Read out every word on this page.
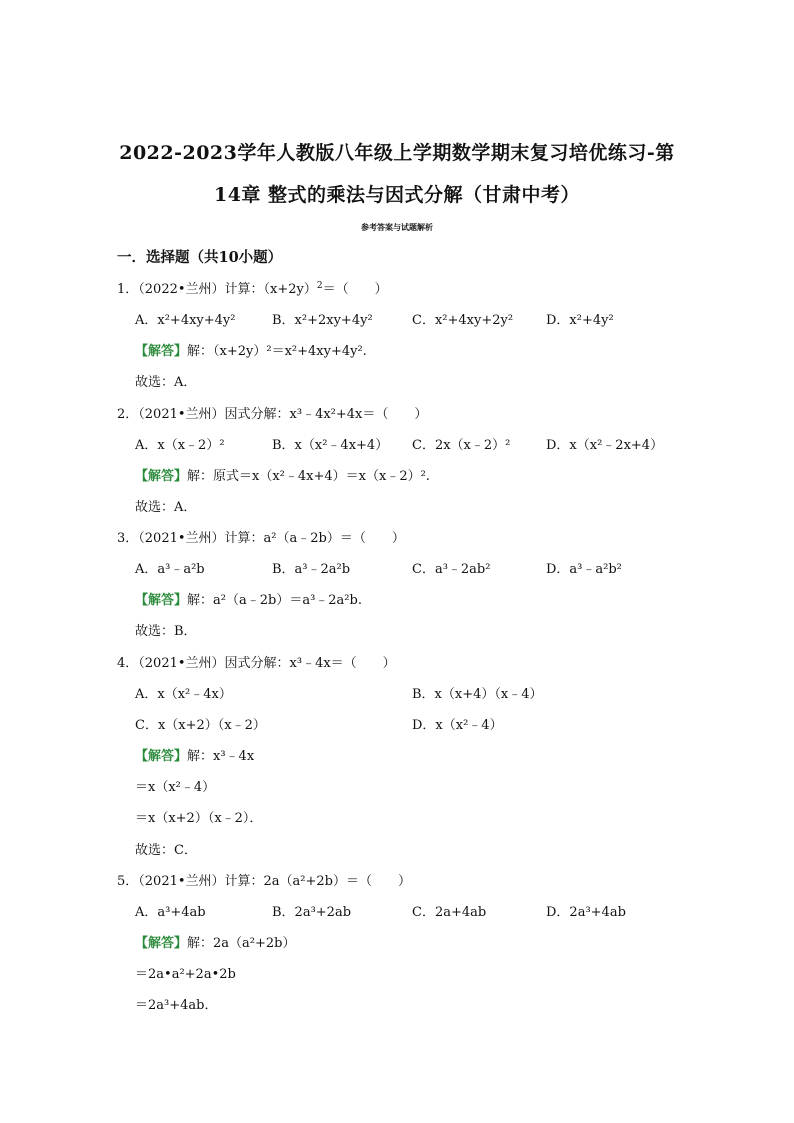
2022-2023学年人教版八年级上学期数学期末复习培优练习-第
14章 整式的乘法与因式分解（甘肃中考）
参考答案与试题解析
一．选择题（共10小题）
1．（2022•兰州）计算：$(x+2y)^2=$（　　）
A．x²+4xy+4y²	B．x²+2xy+4y²	C．x²+4xy+2y²	D．x²+4y²
【解答】解：（x+2y）²＝x²+4xy+4y².
故选：A．
2．（2021•兰州）因式分解：x³﹣4x²+4x＝（　　）
A．x（x﹣2）²	B．x（x²﹣4x+4） C．2x（x﹣2）²	D．x（x²﹣2x+4）
【解答】解：原式＝x（x²﹣4x+4）＝x（x﹣2）².
故选：A．
3．（2021•兰州）计算：a²（a﹣2b）＝（　　）
A．a³﹣a²b	B．a³﹣2a²b	C．a³﹣2ab²	D．a³﹣a²b²
【解答】解：a²（a﹣2b）＝a³﹣2a²b.
故选：B．
4．（2021•兰州）因式分解：x³﹣4x＝（　　）
A．x（x²﹣4x）	B．x（x+4）（x﹣4）
C．x（x+2）（x﹣2）	D．x（x²﹣4）
【解答】解：x³﹣4x
＝x（x²﹣4）
＝x（x+2）（x﹣2）．
故选：C．
5．（2021•兰州）计算：2a（a²+2b）＝（　　）
A．a³+4ab	B．2a³+2ab	C．2a+4ab	D．2a³+4ab
【解答】解：2a（a²+2b）
＝2a•a²+2a•2b
＝2a³+4ab．
